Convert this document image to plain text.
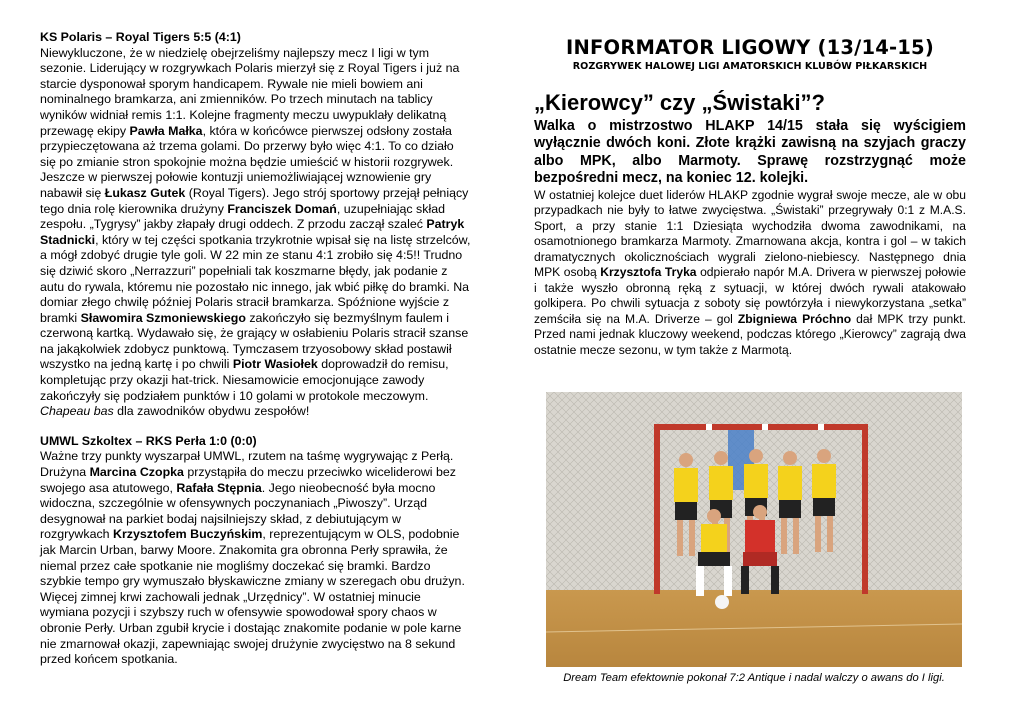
KS Polaris – Royal Tigers 5:5 (4:1)

Niewykluczone, że w niedzielę obejrzeliśmy najlepszy mecz I ligi w tym sezonie. Liderujący w rozgrywkach Polaris mierzył się z Royal Tigers i już na starcie dysponował sporym handicapem. Rywale nie mieli bowiem ani nominalnego bramkarza, ani zmienników. Po trzech minutach na tablicy wyników widniał remis 1:1. Kolejne fragmenty meczu uwypuklały delikatną przewagę ekipy Pawła Małka, która w końcówce pierwszej odsłony została przypieczętowana aż trzema golami. Do przerwy było więc 4:1. To co działo się po zmianie stron spokojnie można będzie umieścić w historii rozgrywek. Jeszcze w pierwszej połowie kontuzji uniemożliwiającej wznowienie gry nabawił się Łukasz Gutek (Royal Tigers). Jego strój sportowy przejął pełniący tego dnia rolę kierownika drużyny Franciszek Domań, uzupełniając skład zespołu. „Tygrysy” jakby złapały drugi oddech. Z przodu zaczął szaleć Patryk Stadnicki, który w tej części spotkania trzykrotnie wpisał się na listę strzelców, a mógł zdobyć drugie tyle goli. W 22 min ze stanu 4:1 zrobiło się 4:5!! Trudno się dziwić skoro „Nerrazzuri” popełniali tak koszmarne błędy, jak podanie z autu do rywala, któremu nie pozostało nic innego, jak wbić piłkę do bramki. Na domiar złego chwilę później Polaris stracił bramkarza. Spóźnione wyjście z bramki Sławomira Szmoniewskiego zakończyło się bezmyślnym faulem i czerwoną kartką. Wydawało się, że grający w osłabieniu Polaris stracił szanse na jakąkolwiek zdobycz punktową. Tymczasem trzyosobowy skład postawił wszystko na jedną kartę i po chwili Piotr Wasiołek doprowadził do remisu, kompletując przy okazji hat-trick. Niesamowicie emocjonujące zawody zakończyły się podziałem punktów i 10 golami w protokole meczowym. Chapeau bas dla zawodników obydwu zespołów!

UMWL Szkoltex – RKS Perła 1:0 (0:0)

Ważne trzy punkty wyszarpał UMWL, rzutem na taśmę wygrywając z Perłą. Drużyna Marcina Czopka przystąpiła do meczu przeciwko wiceliderowi bez swojego asa atutowego, Rafała Stępnia. Jego nieobecność była mocno widoczna, szczególnie w ofensywnych poczynaniach „Piwoszy”. Urząd desygnował na parkiet bodaj najsilniejszy skład, z debiutującym w rozgrywkach Krzysztofem Buczyńskim, reprezentującym w OLS, podobnie jak Marcin Urban, barwy Moore. Znakomita gra obronna Perły sprawiła, że niemal przez całe spotkanie nie mogliśmy doczekać się bramki. Bardzo szybkie tempo gry wymuszało błyskawiczne zmiany w szeregach obu drużyn. Więcej zimnej krwi zachowali jednak „Urzędnicy”. W ostatniej minucie wymiana pozycji i szybszy ruch w ofensywie spowodował spory chaos w obronie Perły. Urban zgubił krycie i dostając znakomite podanie w pole karne nie zmarnował okazji, zapewniając swojej drużynie zwycięstwo na 8 sekund przed końcem spotkania.

INFORMATOR LIGOWY (13/14-15)

ROZGRYWEK HALOWEJ LIGI AMATORSKICH KLUBÓW PIŁKARSKICH

„Kierowcy” czy „Świstaki”?

Walka o mistrzostwo HLAKP 14/15 stała się wyścigiem wyłącznie dwóch koni. Złote krążki zawisną na szyjach graczy albo MPK, albo Marmoty. Sprawę rozstrzygnąć może bezpośredni mecz, na koniec 12. kolejki.

W ostatniej kolejce duet liderów HLAKP zgodnie wygrał swoje mecze, ale w obu przypadkach nie były to łatwe zwycięstwa. „Świstaki” przegrywały 0:1 z M.A.S. Sport, a przy stanie 1:1 Dziesiąta wychodziła dwoma zawodnikami, na osamotnionego bramkarza Marmoty. Zmarnowana akcja, kontra i gol – w takich dramatycznych okolicznościach wygrali zielono-niebiescy. Następnego dnia MPK osobą Krzysztofa Tryka odpierało napór M.A. Drivera w pierwszej połowie i także wyszło obronną ręką z sytuacji, w której dwóch rywali atakowało golkipera. Po chwili sytuacja z soboty się powtórzyła i niewykorzystana „setka” zemściła się na M.A. Driverze – gol Zbigniewa Próchno dał MPK trzy punkt. Przed nami jednak kluczowy weekend, podczas którego „Kierowcy” zagrają dwa ostatnie mecze sezonu, w tym także z Marmotą.

Dream Team efektownie pokonał 7:2 Antique i nadal walczy o awans do I ligi.
